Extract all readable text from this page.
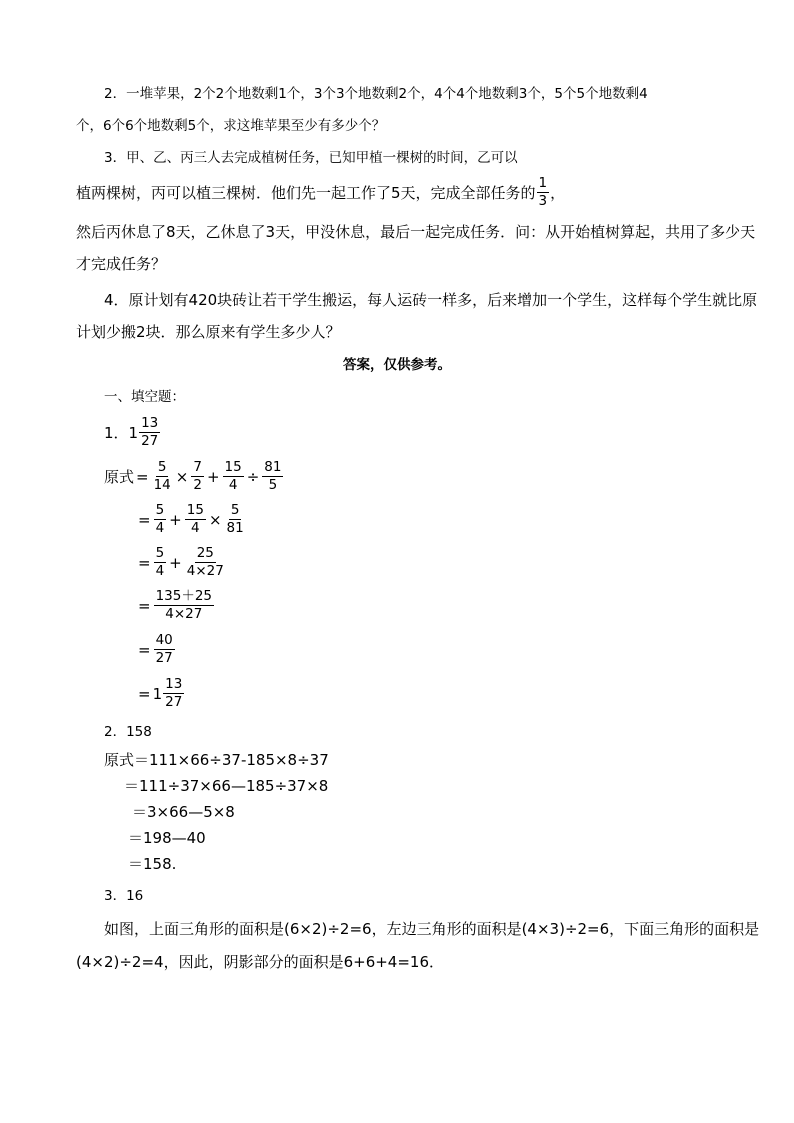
2．一堆苹果，2个2个地数剩1个，3个3个地数剩2个，4个4个地数剩3个，5个5个地数剩4
个，6个6个地数剩5个，求这堆苹果至少有多少个？
3．甲、乙、丙三人去完成植树任务，已知甲植一棵树的时间，乙可以
植两棵树，丙可以植三棵树．他们先一起工作了5天，完成全部任务的 $\frac{1}{3}$ ，
然后丙休息了8天，乙休息了3天，甲没休息，最后一起完成任务．问：从开始植树算起，共用了多少天
才完成任务？
4．原计划有420块砖让若干学生搬运，每人运砖一样多，后来增加一个学生，这样每个学生就比原
计划少搬2块．那么原来有学生多少人？
答案，仅供参考。
一、填空题：
1．$1 \frac{13}{27}$
原式 = $\frac{5}{14} \times \frac{7}{2} + \frac{15}{4} \div \frac{81}{5}$
= $\frac{5}{4} + \frac{15}{4} \times \frac{5}{81}$
= $\frac{5}{4} + \frac{25}{4\times 27}$
= $\frac{135+25}{4\times 27}$
= $\frac{40}{27}$
= $1 \frac{13}{27}$
2．158
原式＝111×66÷37-185×8÷37
＝111÷37×66—185÷37×8
＝3×66—5×8
＝198—40
＝158.
3．16
如图，上面三角形的面积是(6×2)÷2=6，左边三角形的面积是(4×3)÷2=6，下面三角形的面积是
(4×2)÷2=4，因此，阴影部分的面积是6+6+4=16．
